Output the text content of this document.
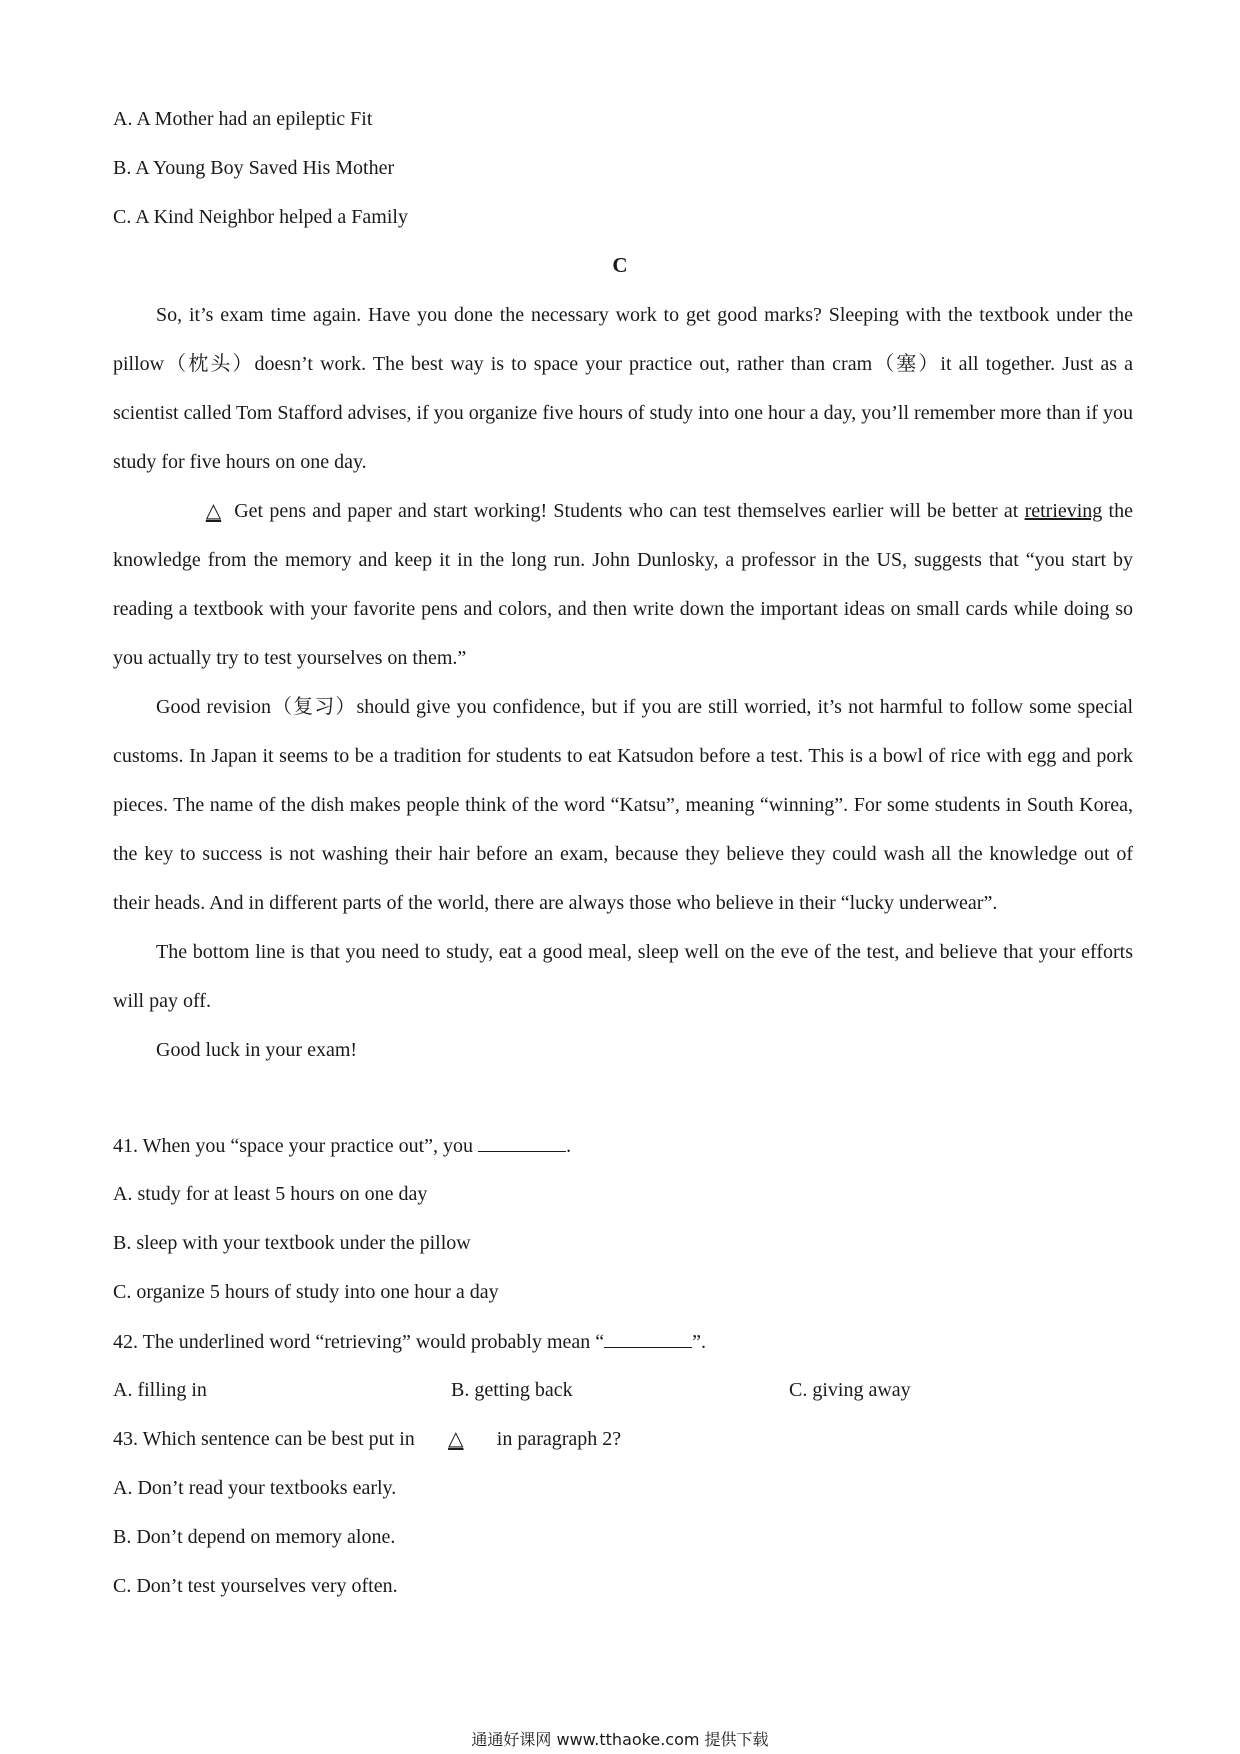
A. A Mother had an epileptic Fit
B. A Young Boy Saved His Mother
C. A Kind Neighbor helped a Family
C

So, it’s exam time again. Have you done the necessary work to get good marks? Sleeping with the textbook under the pillow（枕头）doesn’t work. The best way is to space your practice out, rather than cram（塞）it all together. Just as a scientist called Tom Stafford advises, if you organize five hours of study into one hour a day, you’ll remember more than if you study for five hours on one day.

△ Get pens and paper and start working! Students who can test themselves earlier will be better at retrieving the knowledge from the memory and keep it in the long run. John Dunlosky, a professor in the US, suggests that “you start by reading a textbook with your favorite pens and colors, and then write down the important ideas on small cards while doing so you actually try to test yourselves on them.”

Good revision（复习）should give you confidence, but if you are still worried, it’s not harmful to follow some special customs. In Japan it seems to be a tradition for students to eat Katsudon before a test. This is a bowl of rice with egg and pork pieces. The name of the dish makes people think of the word “Katsu”, meaning “winning”. For some students in South Korea, the key to success is not washing their hair before an exam, because they believe they could wash all the knowledge out of their heads. And in different parts of the world, there are always those who believe in their “lucky underwear”.

The bottom line is that you need to study, eat a good meal, sleep well on the eve of the test, and believe that your efforts will pay off.

Good luck in your exam!

41. When you “space your practice out”, you	.
A. study for at least 5 hours on one day
B. sleep with your textbook under the pillow
C. organize 5 hours of study into one hour a day
42. The underlined word “retrieving” would probably mean “	”.
A. filling in	B. getting back	C. giving away
43. Which sentence can be best put in △ in paragraph 2?
A. Don’t read your textbooks early.
B. Don’t depend on memory alone.
C. Don’t test yourselves very often.
通通好课网 www.tthaoke.com 提供下载
